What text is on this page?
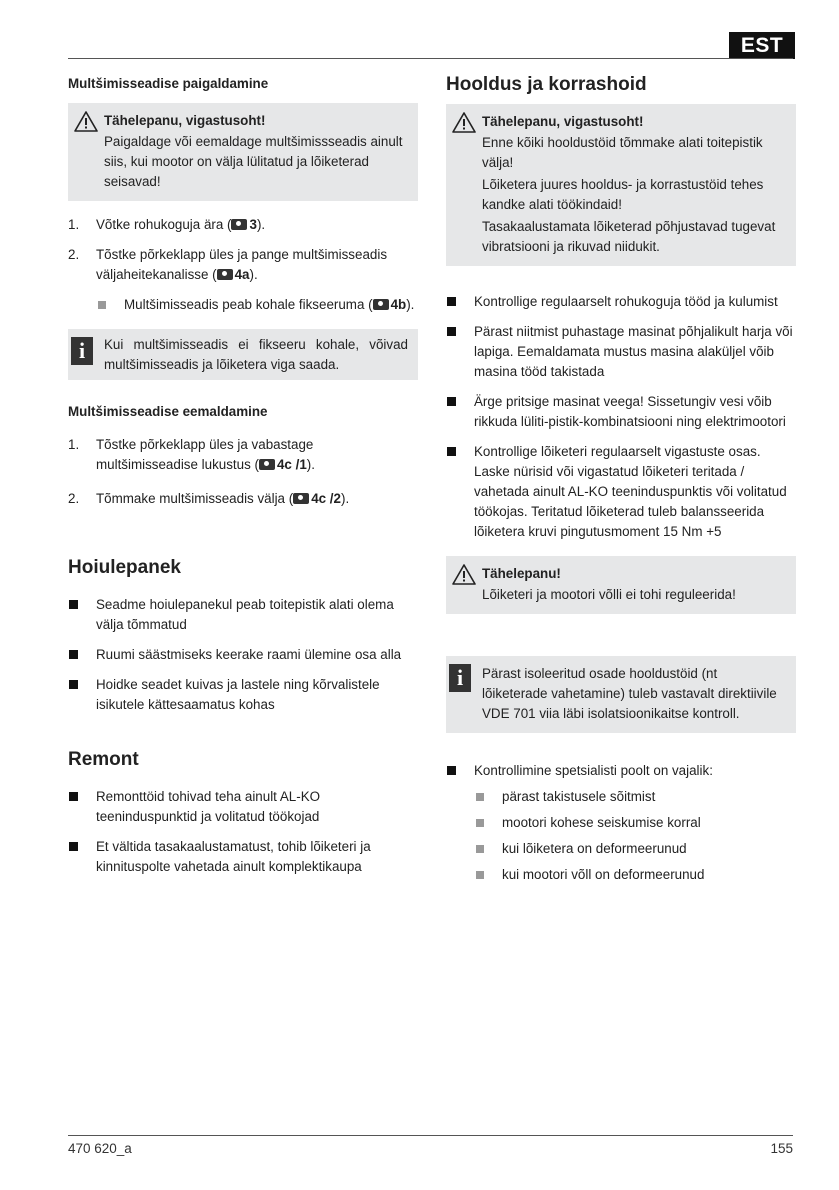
EST
Multšimisseadise paigaldamine
Tähelepanu, vigastusoht!

Paigaldage või eemaldage multšimissseadis ainult siis, kui mootor on välja lülitatud ja lõiketerad seisavad!

1. Võtke rohukoguja ära ( 3).
2. Tõstke põrkeklapp üles ja pange multšimisseadis väljaheitekanalisse ( 4a).
Multšimisseadis peab kohale fikseeruma ( 4b).
i	Kui multšimisseadis ei fikseeru kohale, võivad multšimisseadis ja lõiketera viga saada.

Multšimisseadise eemaldamine
1. Tõstke põrkeklapp üles ja vabastage multšimisseadise lukustus ( 4c /1).
2. Tõmmake multšimisseadis välja ( 4c /2).
Hoiulepanek
Seadme hoiulepanekul peab toitepistik alati olema välja tõmmatud
Ruumi säästmiseks keerake raami ülemine osa alla
Hoidke seadet kuivas ja lastele ning kõrvalistele isikutele kättesaamatus kohas
Remont
Remonttöid tohivad teha ainult AL-KO teeninduspunktid ja volitatud töökojad
Et vältida tasakaalustamatust, tohib lõiketeri ja kinnituspolte vahetada ainult komplektikaupa
Hooldus ja korrashoid
Tähelepanu, vigastusoht!

Enne kõiki hooldustöid tõmmake alati toitepistik välja!

Lõiketera juures hooldus- ja korrastustöid tehes kandke alati töökindaid!

Tasakaalustamata lõiketerad põhjustavad tugevat vibratsiooni ja rikuvad niidukit.

Kontrollige regulaarselt rohukoguja tööd ja kulumist
Pärast niitmist puhastage masinat põhjalikult harja või lapiga. Eemaldamata mustus masina alaküljel võib masina tööd takistada
Ärge pritsige masinat veega! Sissetungiv vesi võib rikkuda lüliti-pistik-kombinatsiooni ning elektrimootori
Kontrollige lõiketeri regulaarselt vigastuste osas. Laske nürisid või vigastatud lõiketeri teritada / vahetada ainult AL-KO teeninduspunktis või volitatud töökojas. Teritatud lõiketerad tuleb balansseerida lõiketera kruvi pingutusmoment 15 Nm +5
Tähelepanu!

Lõiketeri ja mootori võlli ei tohi reguleerida!

i	Pärast isoleeritud osade hooldustöid (nt lõiketerade vahetamine) tuleb vastavalt direktiivile VDE 701 viia läbi isolatsioonikaitse kontroll.

Kontrollimine spetsialisti poolt on vajalik:
pärast takistusele sõitmist
mootori kohese seiskumise korral
kui lõiketera on deformeerunud
kui mootori võll on deformeerunud
470 620_a	155
